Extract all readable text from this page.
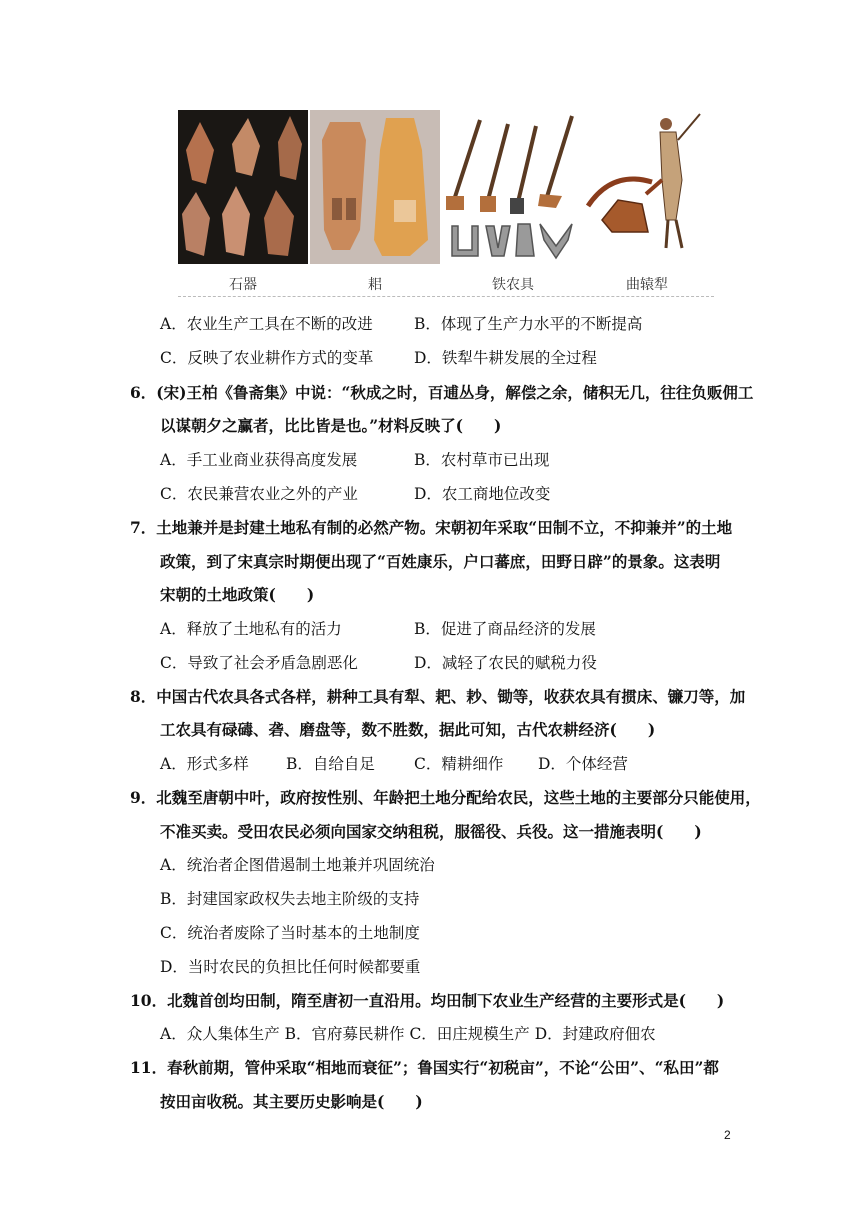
石器	耜	铁农具	曲辕犁
A．农业生产工具在不断的改进	B．体现了生产力水平的不断提高
C．反映了农业耕作方式的变革	D．铁犁牛耕发展的全过程
6．(宋)王柏《鲁斋集》中说：“秋成之时，百逋丛身，解偿之余，储积无几，往往负贩佣工
以谋朝夕之赢者，比比皆是也。”材料反映了(　　)
A．手工业商业获得高度发展	B．农村草市已出现
C．农民兼营农业之外的产业	D．农工商地位改变
7．土地兼并是封建土地私有制的必然产物。宋朝初年采取“田制不立，不抑兼并”的土地
政策，到了宋真宗时期便出现了“百姓康乐，户口蕃庶，田野日辟”的景象。这表明
宋朝的土地政策(　　)
A．释放了土地私有的活力	B．促进了商品经济的发展
C．导致了社会矛盾急剧恶化	D．减轻了农民的赋税力役
8．中国古代农具各式各样，耕种工具有犁、耙、耖、锄等，收获农具有掼床、镰刀等，加
工农具有碌碡、砻、磨盘等，数不胜数，据此可知，古代农耕经济(　　)
A．形式多样 B．自给自足	C．精耕细作 D．个体经营
9．北魏至唐朝中叶，政府按性别、年龄把土地分配给农民，这些土地的主要部分只能使用，
不准买卖。受田农民必须向国家交纳租税，服徭役、兵役。这一措施表明(　　)
A．统治者企图借遏制土地兼并巩固统治
B．封建国家政权失去地主阶级的支持
C．统治者废除了当时基本的土地制度
D．当时农民的负担比任何时候都要重
10．北魏首创均田制，隋至唐初一直沿用。均田制下农业生产经营的主要形式是(　　)
A．众人集体生产 B．官府募民耕作 C．田庄规模生产 D．封建政府佃农
11．春秋前期，管仲采取“相地而衰征”；鲁国实行“初税亩”，不论“公田”、“私田”都
按田亩收税。其主要历史影响是(　　)
2
